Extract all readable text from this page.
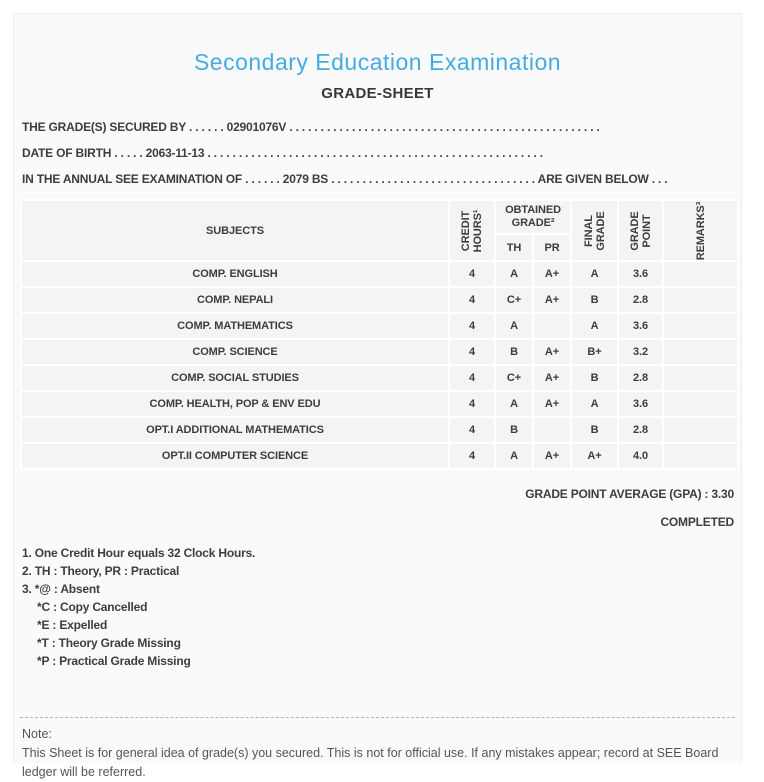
Secondary Education Examination
GRADE-SHEET
THE GRADE(S) SECURED BY . . . . . . 02901076V . . . . . . . . . . . . . . . . . . . . . . . . . . . . . . . . . . . . . . . . . . . . . . . . . .
DATE OF BIRTH . . . . . 2063-11-13 . . . . . . . . . . . . . . . . . . . . . . . . . . . . . . . . . . . . . . . . . . . . . . . . . . . . . .
IN THE ANNUAL SEE EXAMINATION OF . . . . . . 2079 BS . . . . . . . . . . . . . . . . . . . . . . . . . . . . . . . . . ARE GIVEN BELOW . . .
SUBJECTS	CREDIT HOURS¹	OBTAINED GRADE²		FINAL GRADE	GRADE POINT	REMARKS³

		TH	PR			
COMP. ENGLISH	4	A	A+	A	3.6	
COMP. NEPALI	4	C+	A+	B	2.8	
COMP. MATHEMATICS	4	A		A	3.6	
COMP. SCIENCE	4	B	A+	B+	3.2	
COMP. SOCIAL STUDIES	4	C+	A+	B	2.8	
COMP. HEALTH, POP & ENV EDU	4	A	A+	A	3.6	
OPT.I ADDITIONAL MATHEMATICS	4	B		B	2.8	
OPT.II COMPUTER SCIENCE	4	A	A+	A+	4.0	
GRADE POINT AVERAGE (GPA) : 3.30
COMPLETED
1. One Credit Hour equals 32 Clock Hours.
2. TH : Theory, PR : Practical
3. *@ : Absent
*C : Copy Cancelled
*E : Expelled
*T : Theory Grade Missing
*P : Practical Grade Missing
Note:
This Sheet is for general idea of grade(s) you secured. This is not for official use. If any mistakes appear; record at SEE Board ledger will be referred.
